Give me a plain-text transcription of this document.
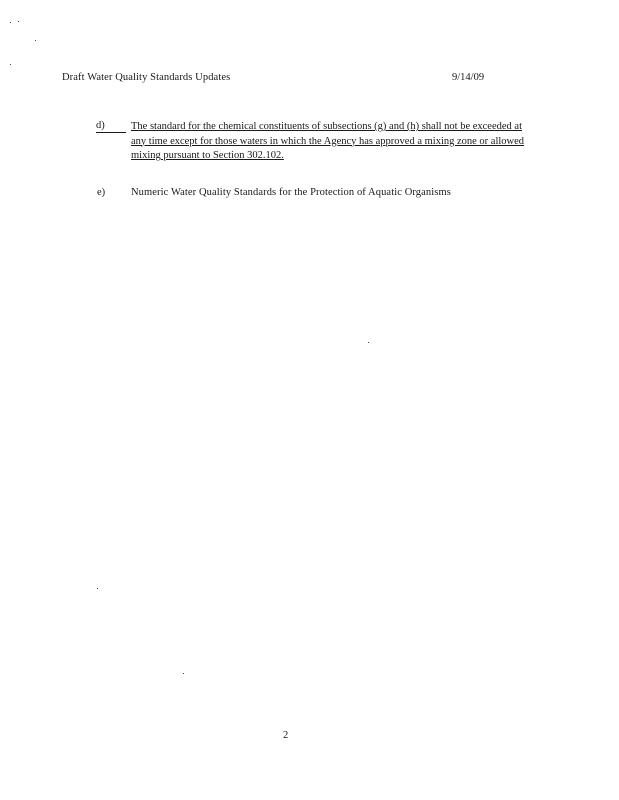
Draft Water Quality Standards Updates	9/14/09
d)	The standard for the chemical constituents of subsections (g) and (h) shall not be exceeded at any time except for those waters in which the Agency has approved a mixing zone or allowed mixing pursuant to Section 302.102.
e) Numeric Water Quality Standards for the Protection of Aquatic Organisms
2
